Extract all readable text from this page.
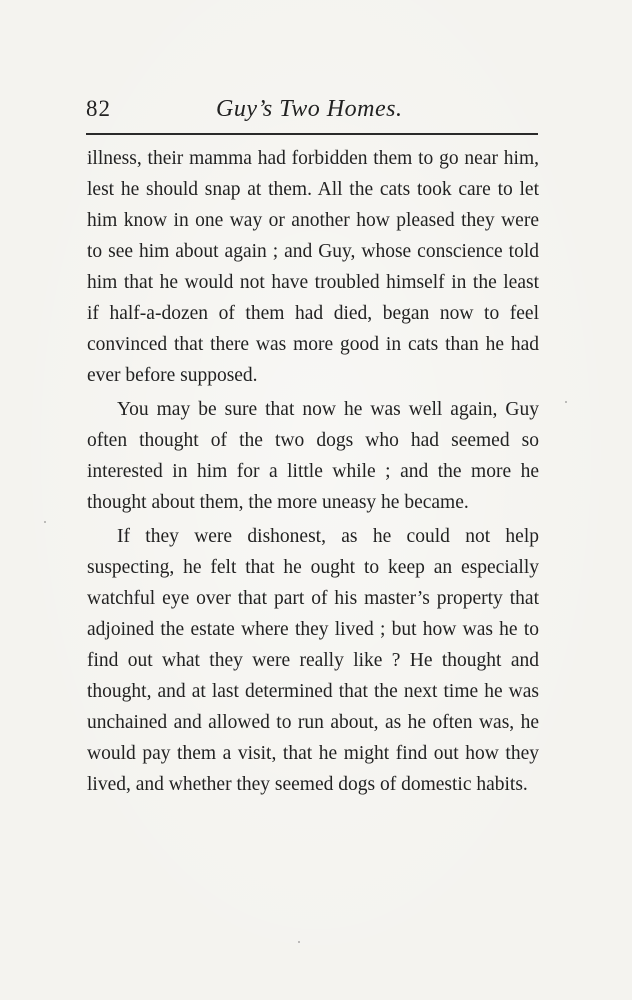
82	Guy’s Two Homes.

illness, their mamma had forbidden them to go near him, lest he should snap at them. All the cats took care to let him know in one way or another how pleased they were to see him about again ; and Guy, whose conscience told him that he would not have troubled himself in the least if half-a-dozen of them had died, began now to feel convinced that there was more good in cats than he had ever before supposed.

You may be sure that now he was well again, Guy often thought of the two dogs who had seemed so interested in him for a little while ; and the more he thought about them, the more uneasy he became.

If they were dishonest, as he could not help suspecting, he felt that he ought to keep an especially watchful eye over that part of his master’s property that adjoined the estate where they lived ; but how was he to find out what they were really like ? He thought and thought, and at last determined that the next time he was unchained and allowed to run about, as he often was, he would pay them a visit, that he might find out how they lived, and whether they seemed dogs of domestic habits.
